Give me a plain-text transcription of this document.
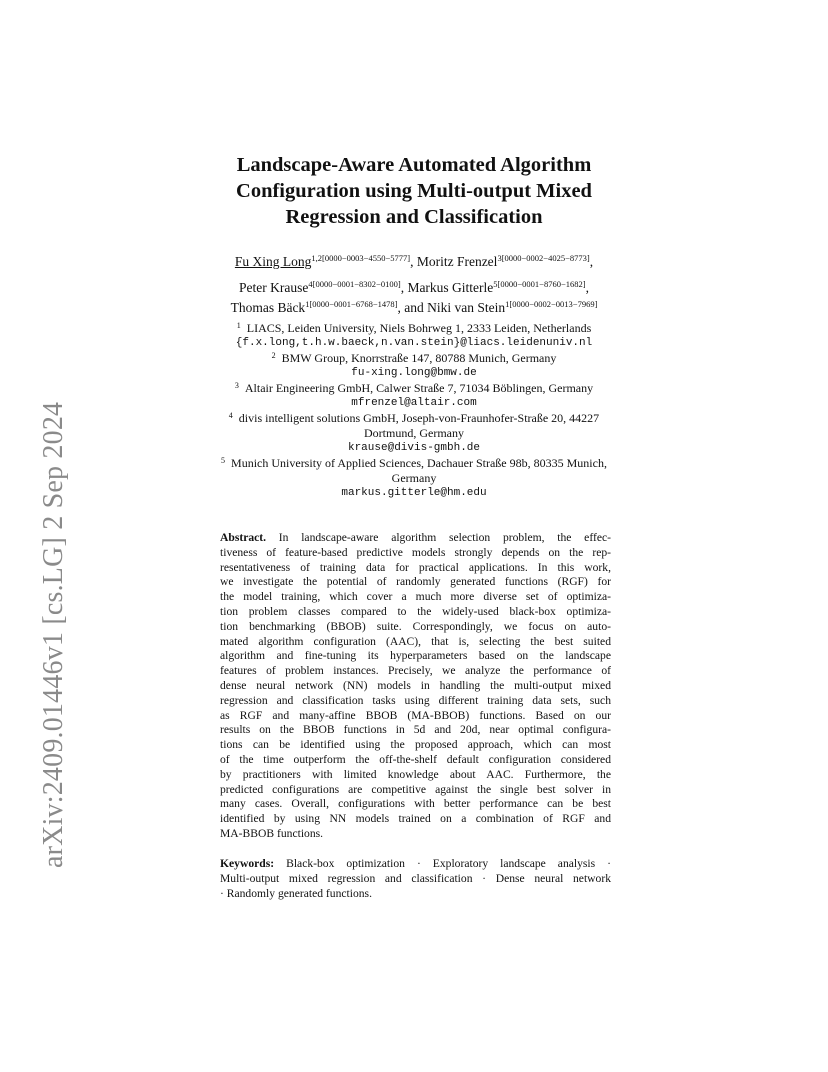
arXiv:2409.01446v1 [cs.LG] 2 Sep 2024
Landscape-Aware Automated Algorithm
Configuration using Multi-output Mixed
Regression and Classification
Fu Xing Long$^{1,2[0000-0003-4550-5777]}$, Moritz Frenzel$^{3[0000-0002-4025-8773]}$,
Peter Krause$^{4[0000-0001-8302-0100]}$, Markus Gitterle$^{5[0000-0001-8760-1682]}$,
Thomas Bäck$^{1[0000-0001-6768-1478]}$, and Niki van Stein$^{1[0000-0002-0013-7969]}$
$^1$ LIACS, Leiden University, Niels Bohrweg 1, 2333 Leiden, Netherlands
{f.x.long,t.h.w.baeck,n.van.stein}@liacs.leidenuniv.nl
$^2$ BMW Group, Knorrstraße 147, 80788 Munich, Germany
fu-xing.long@bmw.de
$^3$ Altair Engineering GmbH, Calwer Straße 7, 71034 Böblingen, Germany
mfrenzel@altair.com
$^4$ divis intelligent solutions GmbH, Joseph-von-Fraunhofer-Straße 20, 44227
Dortmund, Germany
krause@divis-gmbh.de
$^5$ Munich University of Applied Sciences, Dachauer Straße 98b, 80335 Munich,
Germany
markus.gitterle@hm.edu
Abstract. In landscape-aware algorithm selection problem, the effec-
tiveness of feature-based predictive models strongly depends on the rep-
resentativeness of training data for practical applications. In this work,
we investigate the potential of randomly generated functions (RGF) for
the model training, which cover a much more diverse set of optimiza-
tion problem classes compared to the widely-used black-box optimiza-
tion benchmarking (BBOB) suite. Correspondingly, we focus on auto-
mated algorithm configuration (AAC), that is, selecting the best suited
algorithm and fine-tuning its hyperparameters based on the landscape
features of problem instances. Precisely, we analyze the performance of
dense neural network (NN) models in handling the multi-output mixed
regression and classification tasks using different training data sets, such
as RGF and many-affine BBOB (MA-BBOB) functions. Based on our
results on the BBOB functions in 5d and 20d, near optimal configura-
tions can be identified using the proposed approach, which can most
of the time outperform the off-the-shelf default configuration considered
by practitioners with limited knowledge about AAC. Furthermore, the
predicted configurations are competitive against the single best solver in
many cases. Overall, configurations with better performance can be best
identified by using NN models trained on a combination of RGF and
MA-BBOB functions.
Keywords: Black-box optimization · Exploratory landscape analysis ·
Multi-output mixed regression and classification · Dense neural network
· Randomly generated functions.
